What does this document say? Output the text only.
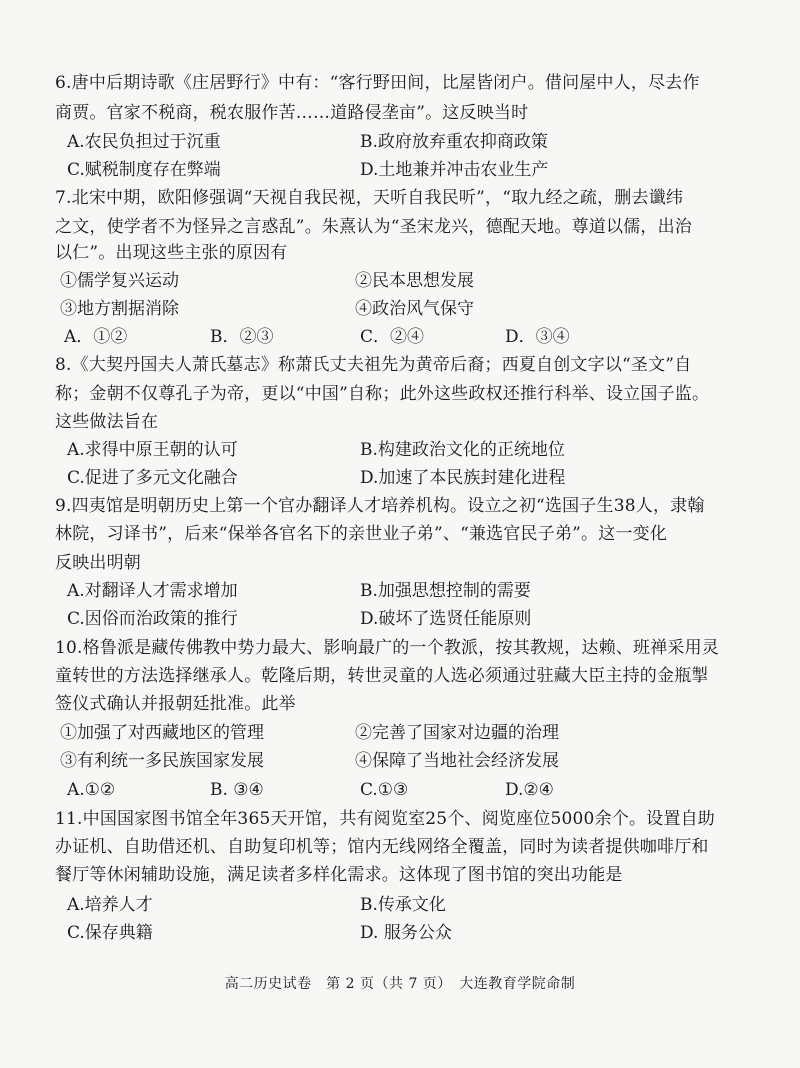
6.唐中后期诗歌《庄居野行》中有：“客行野田间，比屋皆闭户。借问屋中人，尽去作
商贾。官家不税商，税农服作苦……道路侵垄亩”。这反映当时
A.农民负担过于沉重	B.政府放弃重农抑商政策
C.赋税制度存在弊端	D.土地兼并冲击农业生产
7.北宋中期，欧阳修强调“天视自我民视，天听自我民听”，“取九经之疏，删去谶纬
之文，使学者不为怪异之言惑乱”。朱熹认为“圣宋龙兴，德配天地。尊道以儒，出治
以仁”。出现这些主张的原因有
①儒学复兴运动	②民本思想发展
③地方割据消除	④政治风气保守
A．①②	B．②③	C．②④	D．③④
8.《大契丹国夫人萧氏墓志》称萧氏丈夫祖先为黄帝后裔；西夏自创文字以“圣文”自
称；金朝不仅尊孔子为帝，更以“中国”自称；此外这些政权还推行科举、设立国子监。
这些做法旨在
A.求得中原王朝的认可	B.构建政治文化的正统地位
C.促进了多元文化融合	D.加速了本民族封建化进程
9.四夷馆是明朝历史上第一个官办翻译人才培养机构。设立之初“选国子生38人，隶翰
林院，习译书”，后来“保举各官名下的亲世业子弟”、“兼选官民子弟”。这一变化
反映出明朝
A.对翻译人才需求增加	B.加强思想控制的需要
C.因俗而治政策的推行	D.破坏了选贤任能原则
10.格鲁派是藏传佛教中势力最大、影响最广的一个教派，按其教规，达赖、班禅采用灵
童转世的方法选择继承人。乾隆后期，转世灵童的人选必须通过驻藏大臣主持的金瓶掣
签仪式确认并报朝廷批准。此举
①加强了对西藏地区的管理	②完善了国家对边疆的治理
③有利统一多民族国家发展	④保障了当地社会经济发展
A.①②	B. ③④	C.①③	D.②④
11.中国国家图书馆全年365天开馆，共有阅览室25个、阅览座位5000余个。设置自助
办证机、自助借还机、自助复印机等；馆内无线网络全覆盖，同时为读者提供咖啡厅和
餐厅等休闲辅助设施，满足读者多样化需求。这体现了图书馆的突出功能是
A.培养人才	B.传承文化
C.保存典籍	D. 服务公众
高二历史试卷　第 2 页（共 7 页）　大连教育学院命制
